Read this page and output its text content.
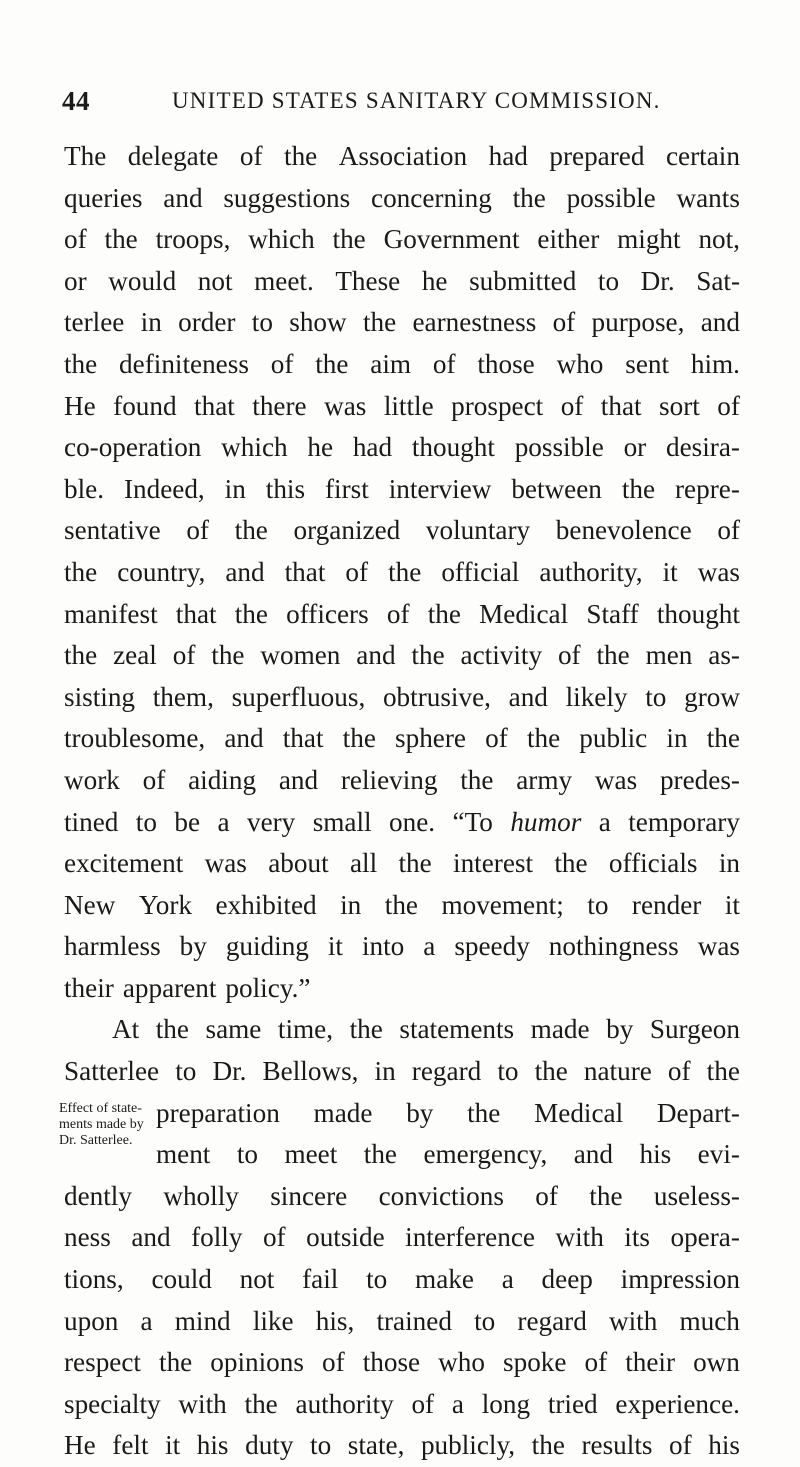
44	UNITED STATES SANITARY COMMISSION.
The delegate of the Association had prepared certain
queries and suggestions concerning the possible wants
of the troops, which the Government either might not,
or would not meet. These he submitted to Dr. Sat-
terlee in order to show the earnestness of purpose, and
the definiteness of the aim of those who sent him.
He found that there was little prospect of that sort of
co-operation which he had thought possible or desira-
ble. Indeed, in this first interview between the repre-
sentative of the organized voluntary benevolence of
the country, and that of the official authority, it was
manifest that the officers of the Medical Staff thought
the zeal of the women and the activity of the men as-
sisting them, superfluous, obtrusive, and likely to grow
troublesome, and that the sphere of the public in the
work of aiding and relieving the army was predes-
tined to be a very small one. “To humor a temporary
excitement was about all the interest the officials in
New York exhibited in the movement; to render it
harmless by guiding it into a speedy nothingness was
their apparent policy.”
At the same time, the statements made by Surgeon
Satterlee to Dr. Bellows, in regard to the nature of the
Effect of state-
ments made by
Dr. Satterlee.
preparation made by the Medical Depart-
ment to meet the emergency, and his evi-
dently wholly sincere convictions of the useless-
ness and folly of outside interference with its opera-
tions, could not fail to make a deep impression
upon a mind like his, trained to regard with much
respect the opinions of those who spoke of their own
specialty with the authority of a long tried experience.
He felt it his duty to state, publicly, the results of his
